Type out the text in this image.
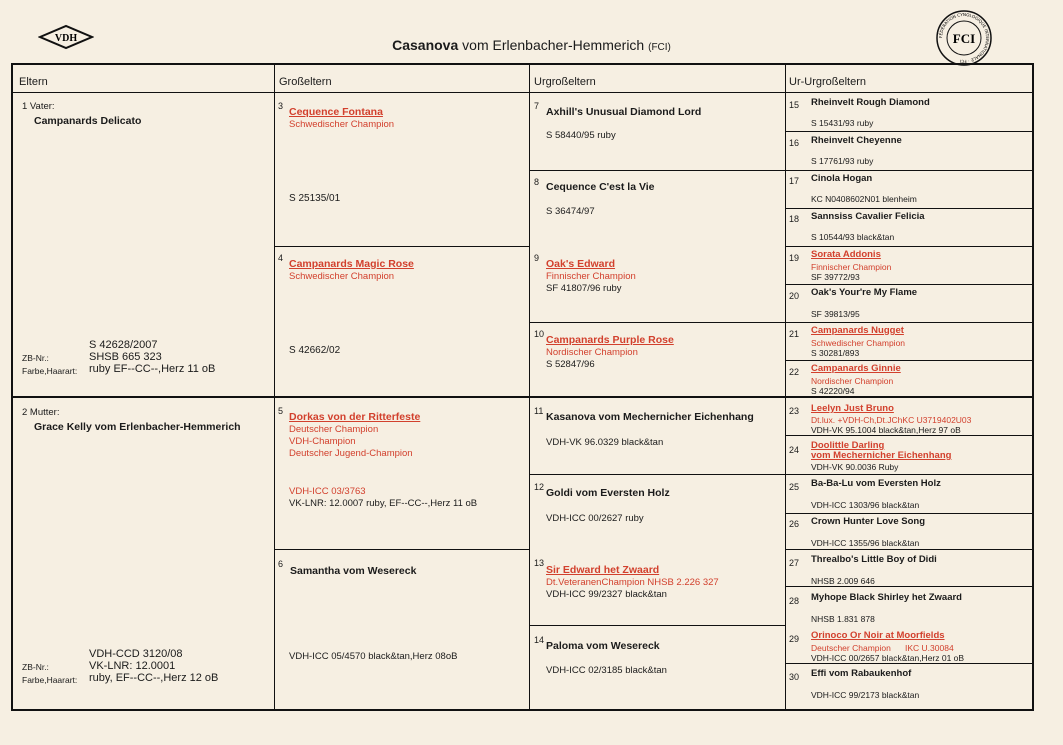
VDH	FÉDÉRATION CYNOLOGIQUE INTERNATIONALE · FCI
FCI
Casanova vom Erlenbacher-Hemmerich (FCI)
Eltern	Großeltern	Urgroßeltern	Ur-Urgroßeltern
1 Vater:
Campanards Delicato
S 42628/2007
ZB-Nr.:	SHSB 665 323
Farbe,Haarart: ruby EF--CC--,Herz 11 oB
2 Mutter:
Grace Kelly vom Erlenbacher-Hemmerich
VDH-CCD 3120/08
ZB-Nr.:	VK-LNR: 12.0001
Farbe,Haarart: ruby, EF--CC--,Herz 12 oB
3 Cequence Fontana
Schwedischer Champion
S 25135/01
4 Campanards Magic Rose
Schwedischer Champion
S 42662/02
5 Dorkas von der Ritterfeste
Deutscher Champion
VDH-Champion
Deutscher Jugend-Champion
VDH-ICC 03/3763
VK-LNR: 12.0007 ruby, EF--CC--,Herz 11 oB
6
Samantha vom Wesereck
VDH-ICC 05/4570 black&tan,Herz 08oB
7 Axhill's Unusual Diamond Lord
S 58440/95 ruby
8 Cequence C'est la Vie
S 36474/97
9 Oak's Edward
Finnischer Champion
SF 41807/96 ruby
10 Campanards Purple Rose
Nordischer Champion
S 52847/96
11 Kasanova vom Mechernicher Eichenhang
VDH-VK 96.0329 black&tan
12 Goldi vom Eversten Holz
VDH-ICC 00/2627 ruby
13
Sir Edward het Zwaard
Dt.VeteranenChampion NHSB 2.226 327
VDH-ICC 99/2327 black&tan
14 Paloma vom Wesereck
VDH-ICC 02/3185 black&tan
15 Rheinvelt Rough Diamond
S 15431/93 ruby
16 Rheinvelt Cheyenne
S 17761/93 ruby
17 Cinola Hogan
KC N0408602N01 blenheim
18 Sannsiss Cavalier Felicia
S 10544/93 black&tan
19 Sorata Addonis
Finnischer Champion
SF 39772/93
20 Oak's Your're My Flame
SF 39813/95
21 Campanards Nugget
Schwedischer Champion
S 30281/893
22 Campanards Ginnie
Nordischer Champion
S 42220/94
23 Leelyn Just Bruno
Dt.lux. +VDH-Ch,Dt.JChKC U3719402U03
VDH-VK 95.1004 black&tan,Herz 97 oB
24 Doolittle Darling
vom Mechernicher Eichenhang
VDH-VK 90.0036 Ruby
25 Ba-Ba-Lu vom Eversten Holz
VDH-ICC 1303/96 black&tan
26 Crown Hunter Love Song
VDH-ICC 1355/96 black&tan
27 Threalbo's Little Boy of Didi
NHSB 2.009 646
28 Myhope Black Shirley het Zwaard
NHSB 1.831 878
29 Orinoco Or Noir at Moorfields
Deutscher Champion      IKC U.30084
VDH-ICC 00/2657 black&tan,Herz 01 oB
30 Effi vom Rabaukenhof
VDH-ICC 99/2173 black&tan
